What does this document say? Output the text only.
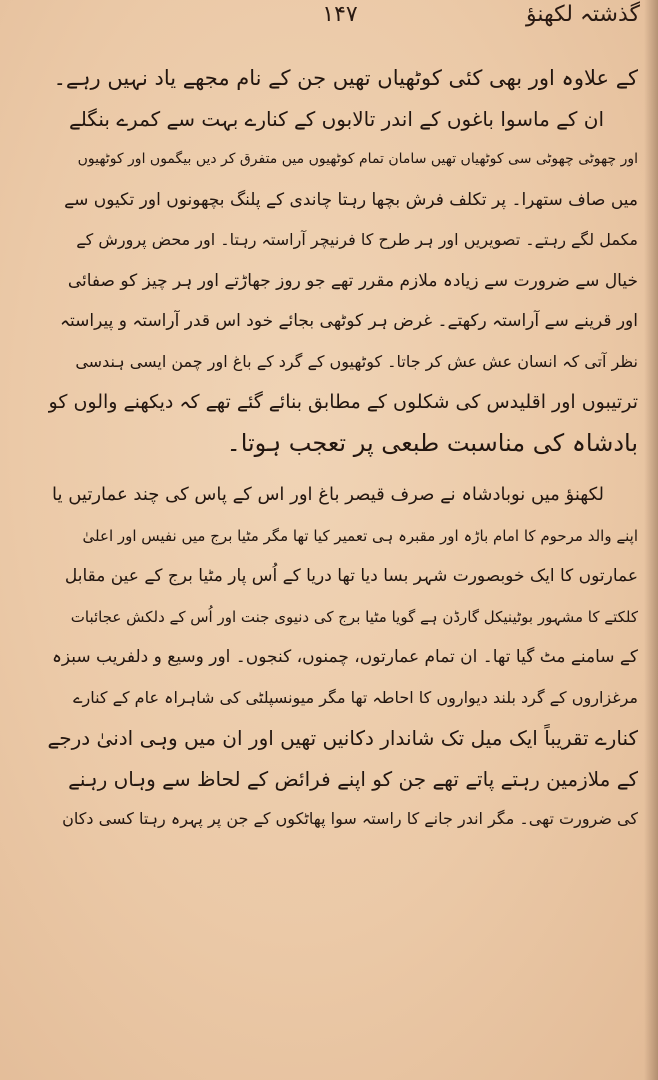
۱۴۷	گذشتہ لکھنؤ
کے علاوہ اور بھی کئی کوٹھیاں تھیں جن کے نام مجھے یاد نہیں رہے۔
ان کے ماسوا باغوں کے اندر تالابوں کے کنارے بہت سے کمرے بنگلے
اور چھوٹی چھوٹی سی کوٹھیاں تھیں سامان تمام کوٹھیوں میں متفرق کر دیں بیگموں اور کوٹھیوں
میں صاف ستھرا۔ پر تکلف فرش بچھا رہتا چاندی کے پلنگ بچھونوں اور تکیوں سے
مکمل لگے رہتے۔ تصویریں اور ہر طرح کا فرنیچر آراستہ رہتا۔ اور محض پرورش کے
خیال سے ضرورت سے زیادہ ملازم مقرر تھے جو روز جھاڑتے اور ہر چیز کو صفائی
اور قرینے سے آراستہ رکھتے۔ غرض ہر کوٹھی بجائے خود اس قدر آراستہ و پیراستہ
نظر آتی کہ انسان عش عش کر جاتا۔ کوٹھیوں کے گرد کے باغ اور چمن ایسی ہندسی
ترتیبوں اور اقلیدس کی شکلوں کے مطابق بنائے گئے تھے کہ دیکھنے والوں کو
بادشاہ کی مناسبت طبعی پر تعجب ہوتا۔
لکھنؤ میں نوبادشاہ نے صرف قیصر باغ اور اس کے پاس کی چند عمارتیں یا
اپنے والد مرحوم کا امام باڑہ اور مقبرہ ہی تعمیر کیا تھا مگر مٹیا برج میں نفیس اور اعلیٰ
عمارتوں کا ایک خوبصورت شہر بسا دیا تھا دریا کے اُس پار مٹیا برج کے عین مقابل
کلکتے کا مشہور بوٹینیکل گارڈن ہے گویا مٹیا برج کی دنیوی جنت اور اُس کے دلکش عجائبات
کے سامنے مٹ گیا تھا۔ ان تمام عمارتوں، چمنوں، کنجوں۔ اور وسیع و دلفریب سبزہ
مرغزاروں کے گرد بلند دیواروں کا احاطہ تھا مگر میونسپلٹی کی شاہراہ عام کے کنارے
کنارے تقریباً ایک میل تک شاندار دکانیں تھیں اور ان میں وہی ادنیٰ درجے
کے ملازمین رہتے پاتے تھے جن کو اپنے فرائض کے لحاظ سے وہاں رہنے
کی ضرورت تھی۔ مگر اندر جانے کا راستہ سوا پھاٹکوں کے جن پر پہرہ رہتا کسی دکان
